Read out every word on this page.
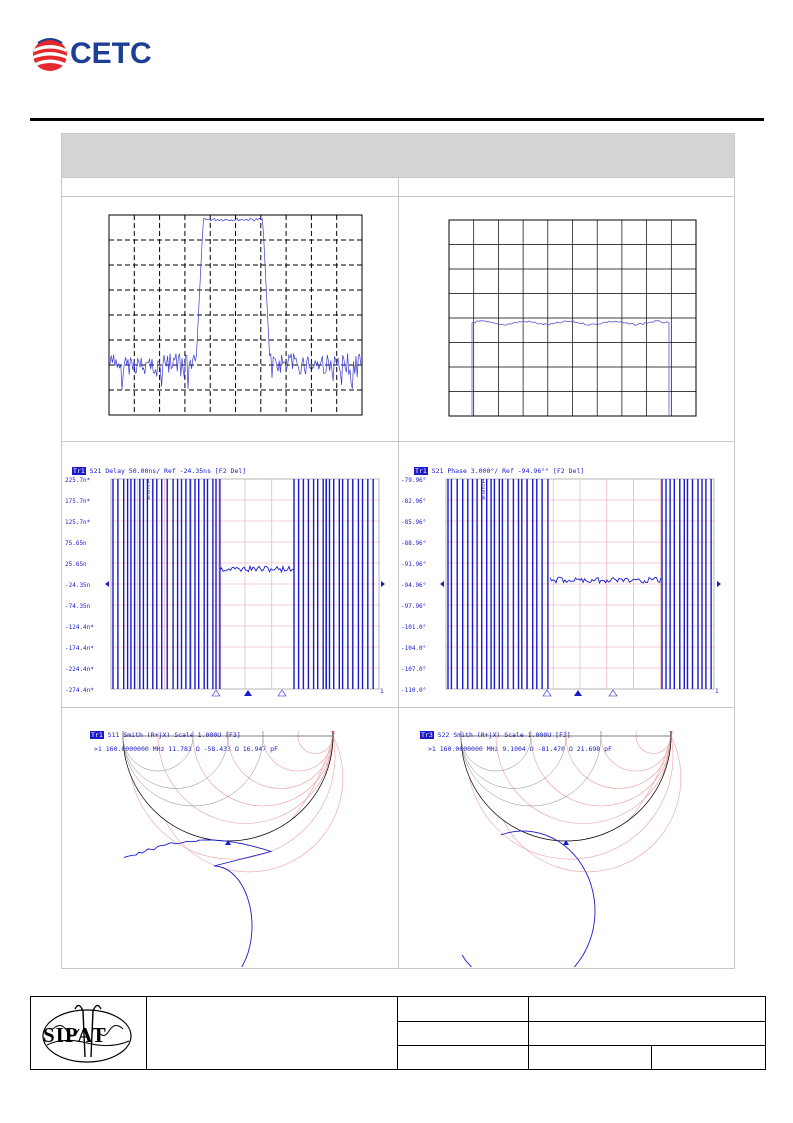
CETC
Tr1 S21 Delay 50.00ns/ Ref -24.35ns [F2 Del]
225.7n*
175.7n*
125.7n*
75.65n
25.65n
-24.35n
-74.35n
-124.4n*
-174.4n*
-224.4n*
-274.4n*
1
2
3
4
1
Tr1 S21 Phase 3.000°/ Ref -94.96°° [F2 Del]
-79.96°
-82.96°
-85.96°
-88.96°
-91.96°
-94.96°
-97.96°
-101.0°
-104.0°
-107.0°
-110.0°
1
2
3
4
1
Tr1 S11 Smith (R+jX) Scale 1.000U [F3]
>1 160.0000000 MHz 11.783 Ω -58.433 Ω 16.947 pF
Tr3 S22 Smith (R+jX) Scale 1.000U [F3]
>1 160.0000000 MHz 9.1004 Ω -81.470 Ω 21.698 pF
SIPAT
